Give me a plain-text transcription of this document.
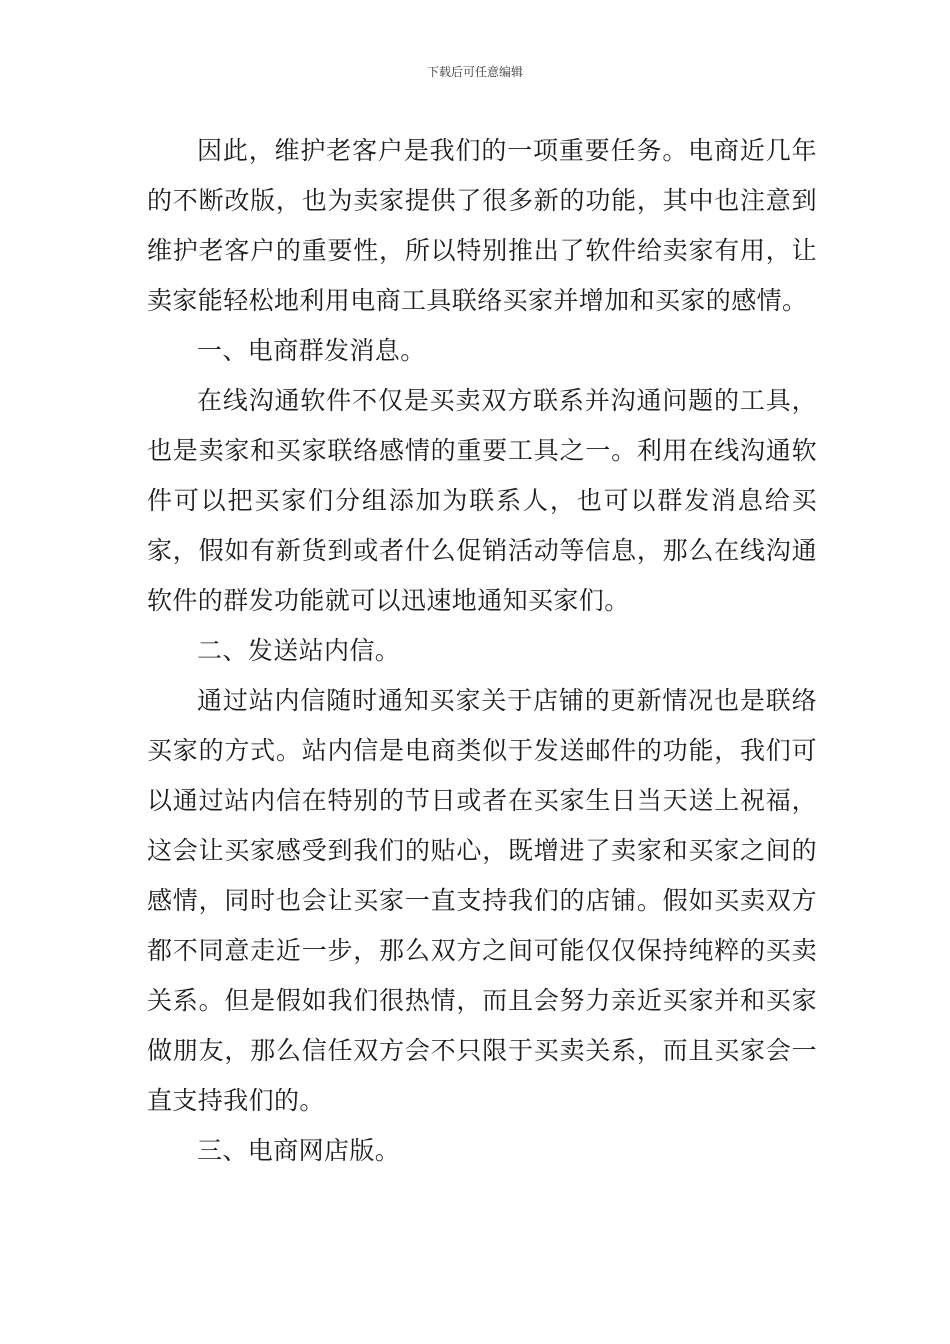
下载后可任意编辑

因此，维护老客户是我们的一项重要任务。电商近几年的不断改版，也为卖家提供了很多新的功能，其中也注意到维护老客户的重要性，所以特别推出了软件给卖家有用，让卖家能轻松地利用电商工具联络买家并增加和买家的感情。

一、电商群发消息。

在线沟通软件不仅是买卖双方联系并沟通问题的工具，也是卖家和买家联络感情的重要工具之一。利用在线沟通软件可以把买家们分组添加为联系人，也可以群发消息给买家，假如有新货到或者什么促销活动等信息，那么在线沟通软件的群发功能就可以迅速地通知买家们。

二、发送站内信。

通过站内信随时通知买家关于店铺的更新情况也是联络买家的方式。站内信是电商类似于发送邮件的功能，我们可以通过站内信在特别的节日或者在买家生日当天送上祝福，这会让买家感受到我们的贴心，既增进了卖家和买家之间的感情，同时也会让买家一直支持我们的店铺。假如买卖双方都不同意走近一步，那么双方之间可能仅仅保持纯粹的买卖关系。但是假如我们很热情，而且会努力亲近买家并和买家做朋友，那么信任双方会不只限于买卖关系，而且买家会一直支持我们的。

三、电商网店版。
